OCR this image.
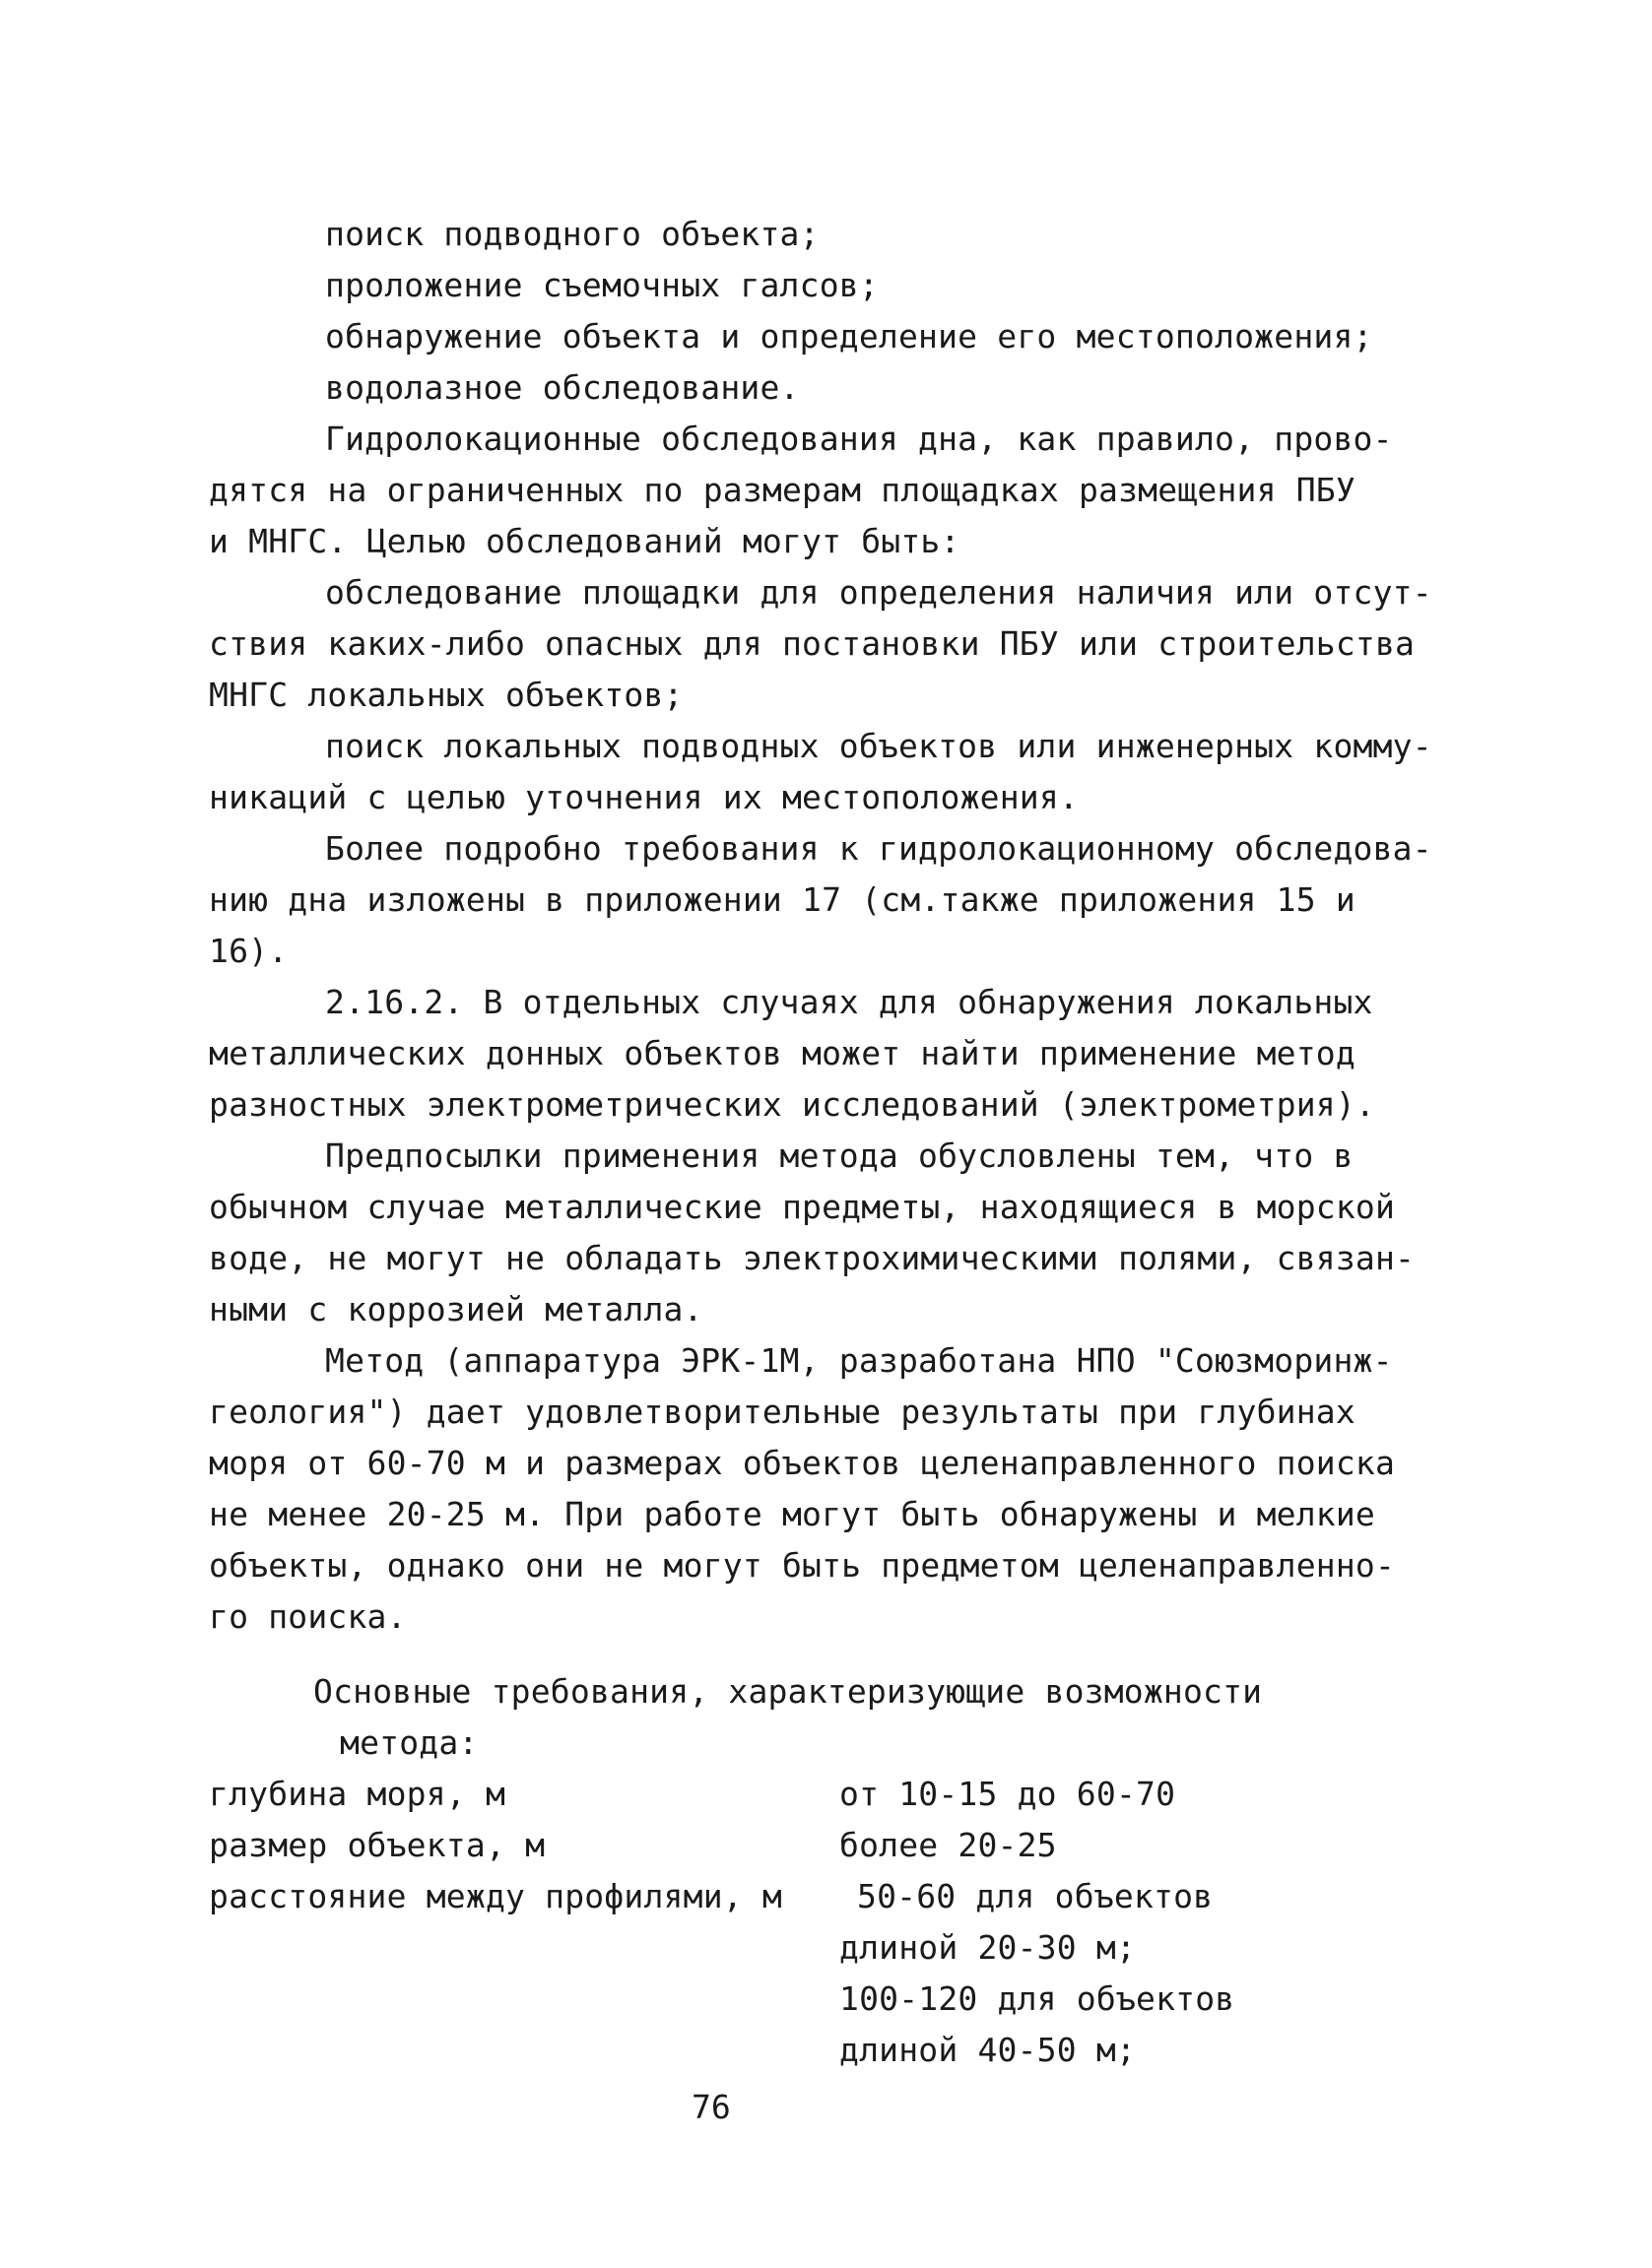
поиск подводного объекта;
проложение съемочных галсов;
обнаружение объекта и определение его местоположения;
водолазное обследование.
Гидролокационные обследования дна, как правило, прово-
дятся на ограниченных по размерам площадках размещения ПБУ
и МНГС. Целью обследований могут быть:
обследование площадки для определения наличия или отсут-
ствия каких-либо опасных для постановки ПБУ или строительства
МНГС локальных объектов;
поиск локальных подводных объектов или инженерных комму-
никаций с целью уточнения их местоположения.
Более подробно требования к гидролокационному обследова-
нию дна изложены в приложении 17 (см.также приложения 15 и
16).
2.16.2. В отдельных случаях для обнаружения локальных
металлических донных объектов может найти применение метод
разностных электрометрических исследований (электрометрия).
Предпосылки применения метода обусловлены тем, что в
обычном случае металлические предметы, находящиеся в морской
воде, не могут не обладать электрохимическими полями, связан-
ными с коррозией металла.
Метод (аппаратура ЭРК-1М, разработана НПО "Союзморинж-
геология") дает удовлетворительные результаты при глубинах
моря от 60-70 м и размерах объектов целенаправленного поиска
не менее 20-25 м. При работе могут быть обнаружены и мелкие
объекты, однако они не могут быть предметом целенаправленно-
го поиска.
Основные требования, характеризующие возможности
метода:
глубина моря, м	от 10-15 до 60-70
размер объекта, м	более 20-25
расстояние между профилями, м 50-60 для объектов
длиной 20-30 м;
100-120 для объектов
длиной 40-50 м;
76
